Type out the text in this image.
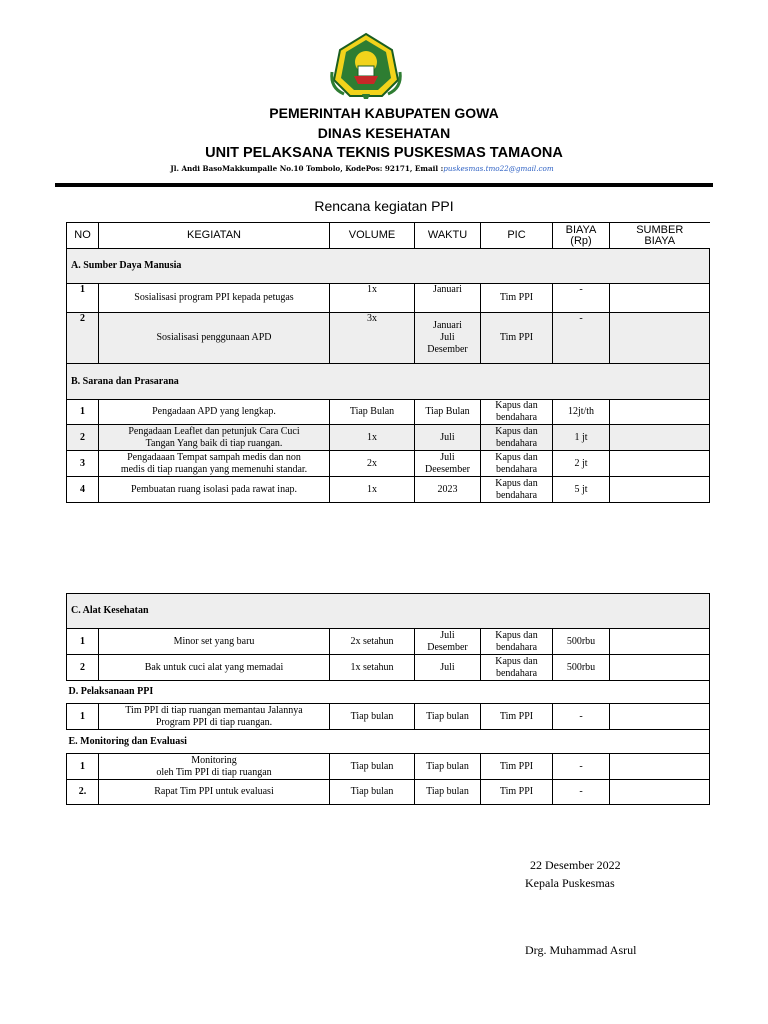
PEMERINTAH KABUPATEN GOWA
DINAS KESEHATAN
UNIT PELAKSANA TEKNIS PUSKESMAS TAMAONA
Jl. Andi BasoMakkumpalle No.10 Tombolo, KodePos: 92171, Email :puskesmas.tmo22@gmail.com
Rencana kegiatan PPI
NO	KEGIATAN	VOLUME	WAKTU	PIC	BIAYA
(Rp)	SUMBER
BIAYA
A. Sumber Daya Manusia						
1	Sosialisasi program PPI kepada petugas	1x	Januari	Tim PPI	-	
2	Sosialisasi penggunaan APD	3x	Januari
Juli
Desember	Tim PPI	-	
B. Sarana dan Prasarana						
1	Pengadaan APD yang lengkap.	Tiap Bulan	Tiap Bulan	Kapus dan
bendahara	12jt/th	
2	Pengadaan Leaflet dan petunjuk Cara Cuci
Tangan Yang baik di tiap ruangan.	1x	Juli	Kapus dan
bendahara	1 jt	
3	Pengadaaan Tempat sampah medis dan non
medis di tiap ruangan yang memenuhi standar.	2x	Juli
Deesember	Kapus dan
bendahara	2 jt	
4	Pembuatan ruang isolasi pada rawat inap.	1x	2023	Kapus dan
bendahara	5 jt	
C. Alat Kesehatan						
1	Minor set yang baru	2x setahun	Juli
Desember	Kapus dan
bendahara	500rbu	
2	Bak untuk cuci alat yang memadai	1x setahun	Juli	Kapus dan
bendahara	500rbu	
D. Pelaksanaan PPI						
1	Tim PPI di tiap ruangan memantau Jalannya
Program PPI di tiap ruangan.	Tiap bulan	Tiap bulan	Tim PPI	-	
E. Monitoring dan Evaluasi						
1	Monitoring
oleh Tim PPI di tiap ruangan	Tiap bulan	Tiap bulan	Tim PPI	-	
2.	Rapat Tim PPI untuk evaluasi	Tiap bulan	Tiap bulan	Tim PPI	-	
22 Desember 2022
Kepala Puskesmas
Drg. Muhammad Asrul
